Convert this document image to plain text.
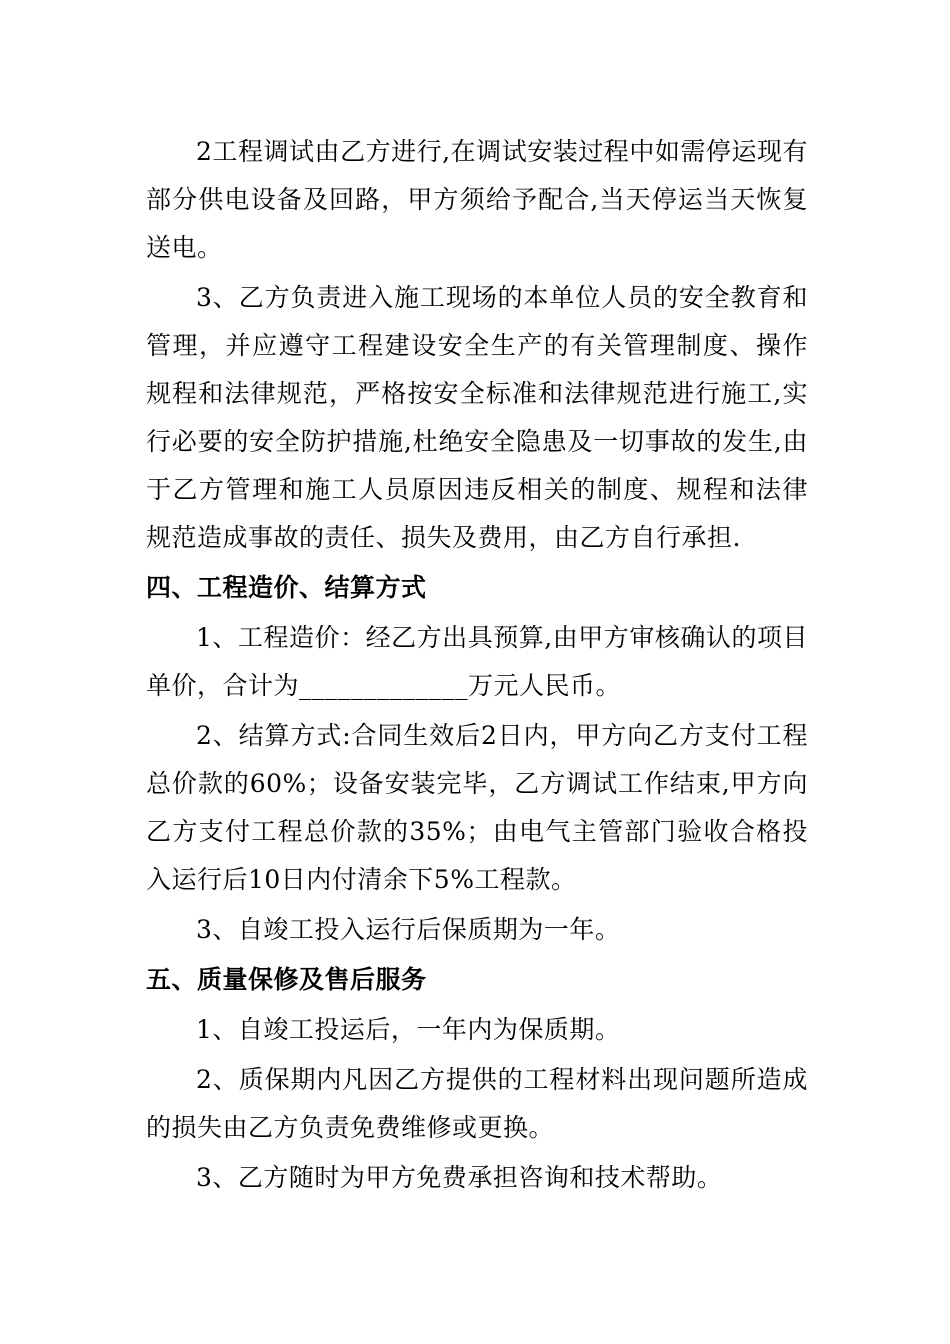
2工程调试由乙方进行,在调试安装过程中如需停运现有部分供电设备及回路，甲方须给予配合,当天停运当天恢复送电。

3、乙方负责进入施工现场的本单位人员的安全教育和管理，并应遵守工程建设安全生产的有关管理制度、操作规程和法律规范，严格按安全标准和法律规范进行施工,实行必要的安全防护措施,杜绝安全隐患及一切事故的发生,由于乙方管理和施工人员原因违反相关的制度、规程和法律规范造成事故的责任、损失及费用，由乙方自行承担.

四、工程造价、结算方式

1、工程造价：经乙方出具预算,由甲方审核确认的项目单价，合计为_____________万元人民币。

2、结算方式:合同生效后2日内，甲方向乙方支付工程总价款的60%；设备安装完毕，乙方调试工作结束,甲方向乙方支付工程总价款的35%；由电气主管部门验收合格投入运行后10日内付清余下5%工程款。

3、自竣工投入运行后保质期为一年。

五、质量保修及售后服务

1、自竣工投运后，一年内为保质期。

2、质保期内凡因乙方提供的工程材料出现问题所造成的损失由乙方负责免费维修或更换。

3、乙方随时为甲方免费承担咨询和技术帮助。
